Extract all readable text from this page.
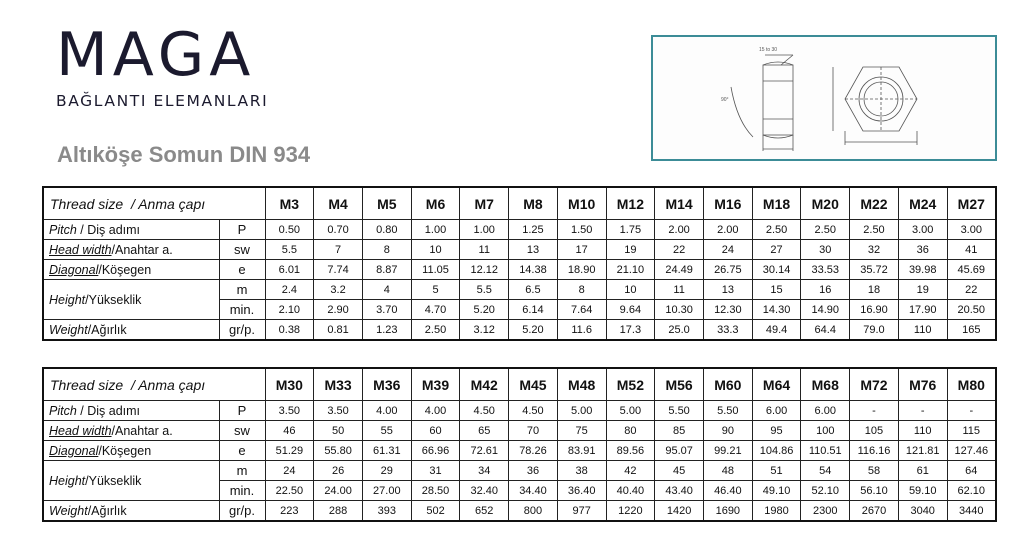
MAGA
BAĞLANTI ELEMANLARI
Altıköşe Somun DIN 934
15 to 30
90°
Thread size / Anma çapı		M3	M4	M5	M6	M7	M8	M10	M12	M14	M16	M18	M20	M22	M24	M27
Pitch / Diş adımı	P	0.50	0.70	0.80	1.00	1.00	1.25	1.50	1.75	2.00	2.00	2.50	2.50	2.50	3.00	3.00
Head width/Anahtar a.	sw	5.5	7	8	10	11	13	17	19	22	24	27	30	32	36	41
Diagonal/Köşegen	e	6.01	7.74	8.87	11.05	12.12	14.38	18.90	21.10	24.49	26.75	30.14	33.53	35.72	39.98	45.69
Height/Yükseklik	m	2.4	3.2	4	5	5.5	6.5	8	10	11	13	15	16	18	19	22
	min.	2.10	2.90	3.70	4.70	5.20	6.14	7.64	9.64	10.30	12.30	14.30	14.90	16.90	17.90	20.50
Weight/Ağırlık	gr/p.	0.38	0.81	1.23	2.50	3.12	5.20	11.6	17.3	25.0	33.3	49.4	64.4	79.0	110	165
Thread size / Anma çapı		M30	M33	M36	M39	M42	M45	M48	M52	M56	M60	M64	M68	M72	M76	M80
Pitch / Diş adımı	P	3.50	3.50	4.00	4.00	4.50	4.50	5.00	5.00	5.50	5.50	6.00	6.00	-	-	-
Head width/Anahtar a.	sw	46	50	55	60	65	70	75	80	85	90	95	100	105	110	115
Diagonal/Köşegen	e	51.29	55.80	61.31	66.96	72.61	78.26	83.91	89.56	95.07	99.21	104.86	110.51	116.16	121.81	127.46
Height/Yükseklik	m	24	26	29	31	34	36	38	42	45	48	51	54	58	61	64
	min.	22.50	24.00	27.00	28.50	32.40	34.40	36.40	40.40	43.40	46.40	49.10	52.10	56.10	59.10	62.10
Weight/Ağırlık	gr/p.	223	288	393	502	652	800	977	1220	1420	1690	1980	2300	2670	3040	3440
